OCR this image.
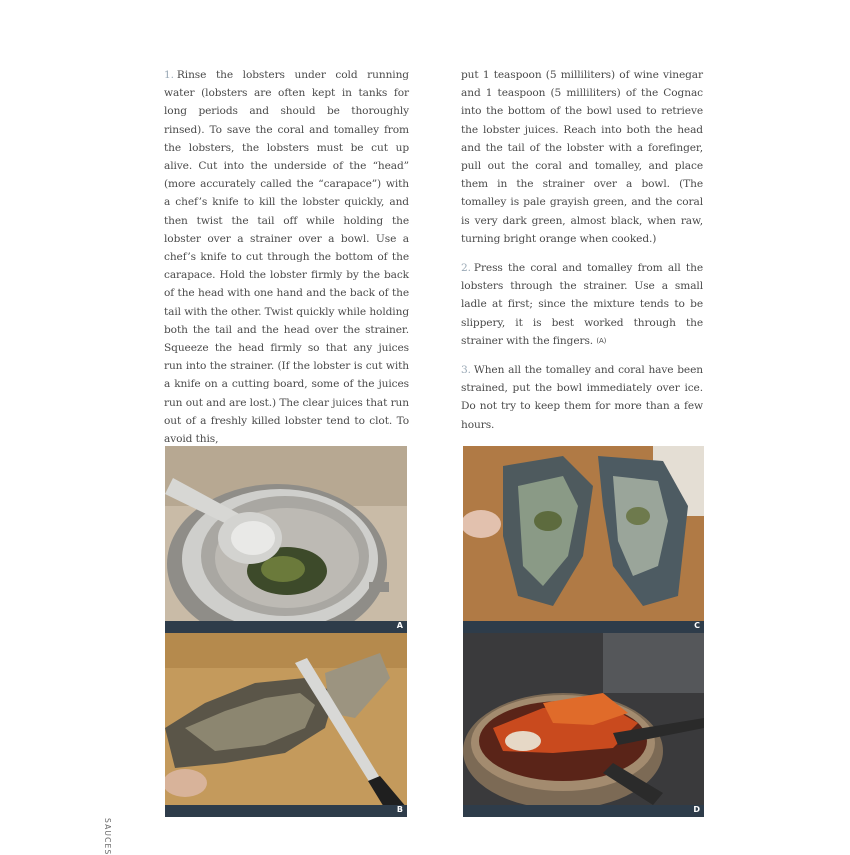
1. Rinse the lobsters under cold running water (lobsters are often kept in tanks for long periods and should be thoroughly rinsed). To save the coral and tomalley from the lobsters, the lobsters must be cut up alive. Cut into the underside of the “head” (more accurately called the “carapace”) with a chef’s knife to kill the lobster quickly, and then twist the tail off while holding the lobster over a strainer over a bowl. Use a chef’s knife to cut through the bottom of the carapace. Hold the lobster firmly by the back of the head with one hand and the back of the tail with the other. Twist quickly while holding both the tail and the head over the strainer. Squeeze the head firmly so that any juices run into the strainer. (If the lobster is cut with a knife on a cutting board, some of the juices run out and are lost.) The clear juices that run out of a freshly killed lobster tend to clot. To avoid this,

put 1 teaspoon (5 milliliters) of wine vinegar and 1 teaspoon (5 milliliters) of the Cognac into the bottom of the bowl used to retrieve the lobster juices. Reach into both the head and the tail of the lobster with a forefinger, pull out the coral and tomalley, and place them in the strainer over a bowl. (The tomalley is pale grayish green, and the coral is very dark green, almost black, when raw, turning bright orange when cooked.)

2. Press the coral and tomalley from all the lobsters through the strainer. Use a small ladle at first; since the mixture tends to be slippery, it is best worked through the strainer with the fingers. (A)

3. When all the tomalley and coral have been strained, put the bowl immediately over ice. Do not try to keep them for more than a few hours.

A
B
C
D
SAUCES
